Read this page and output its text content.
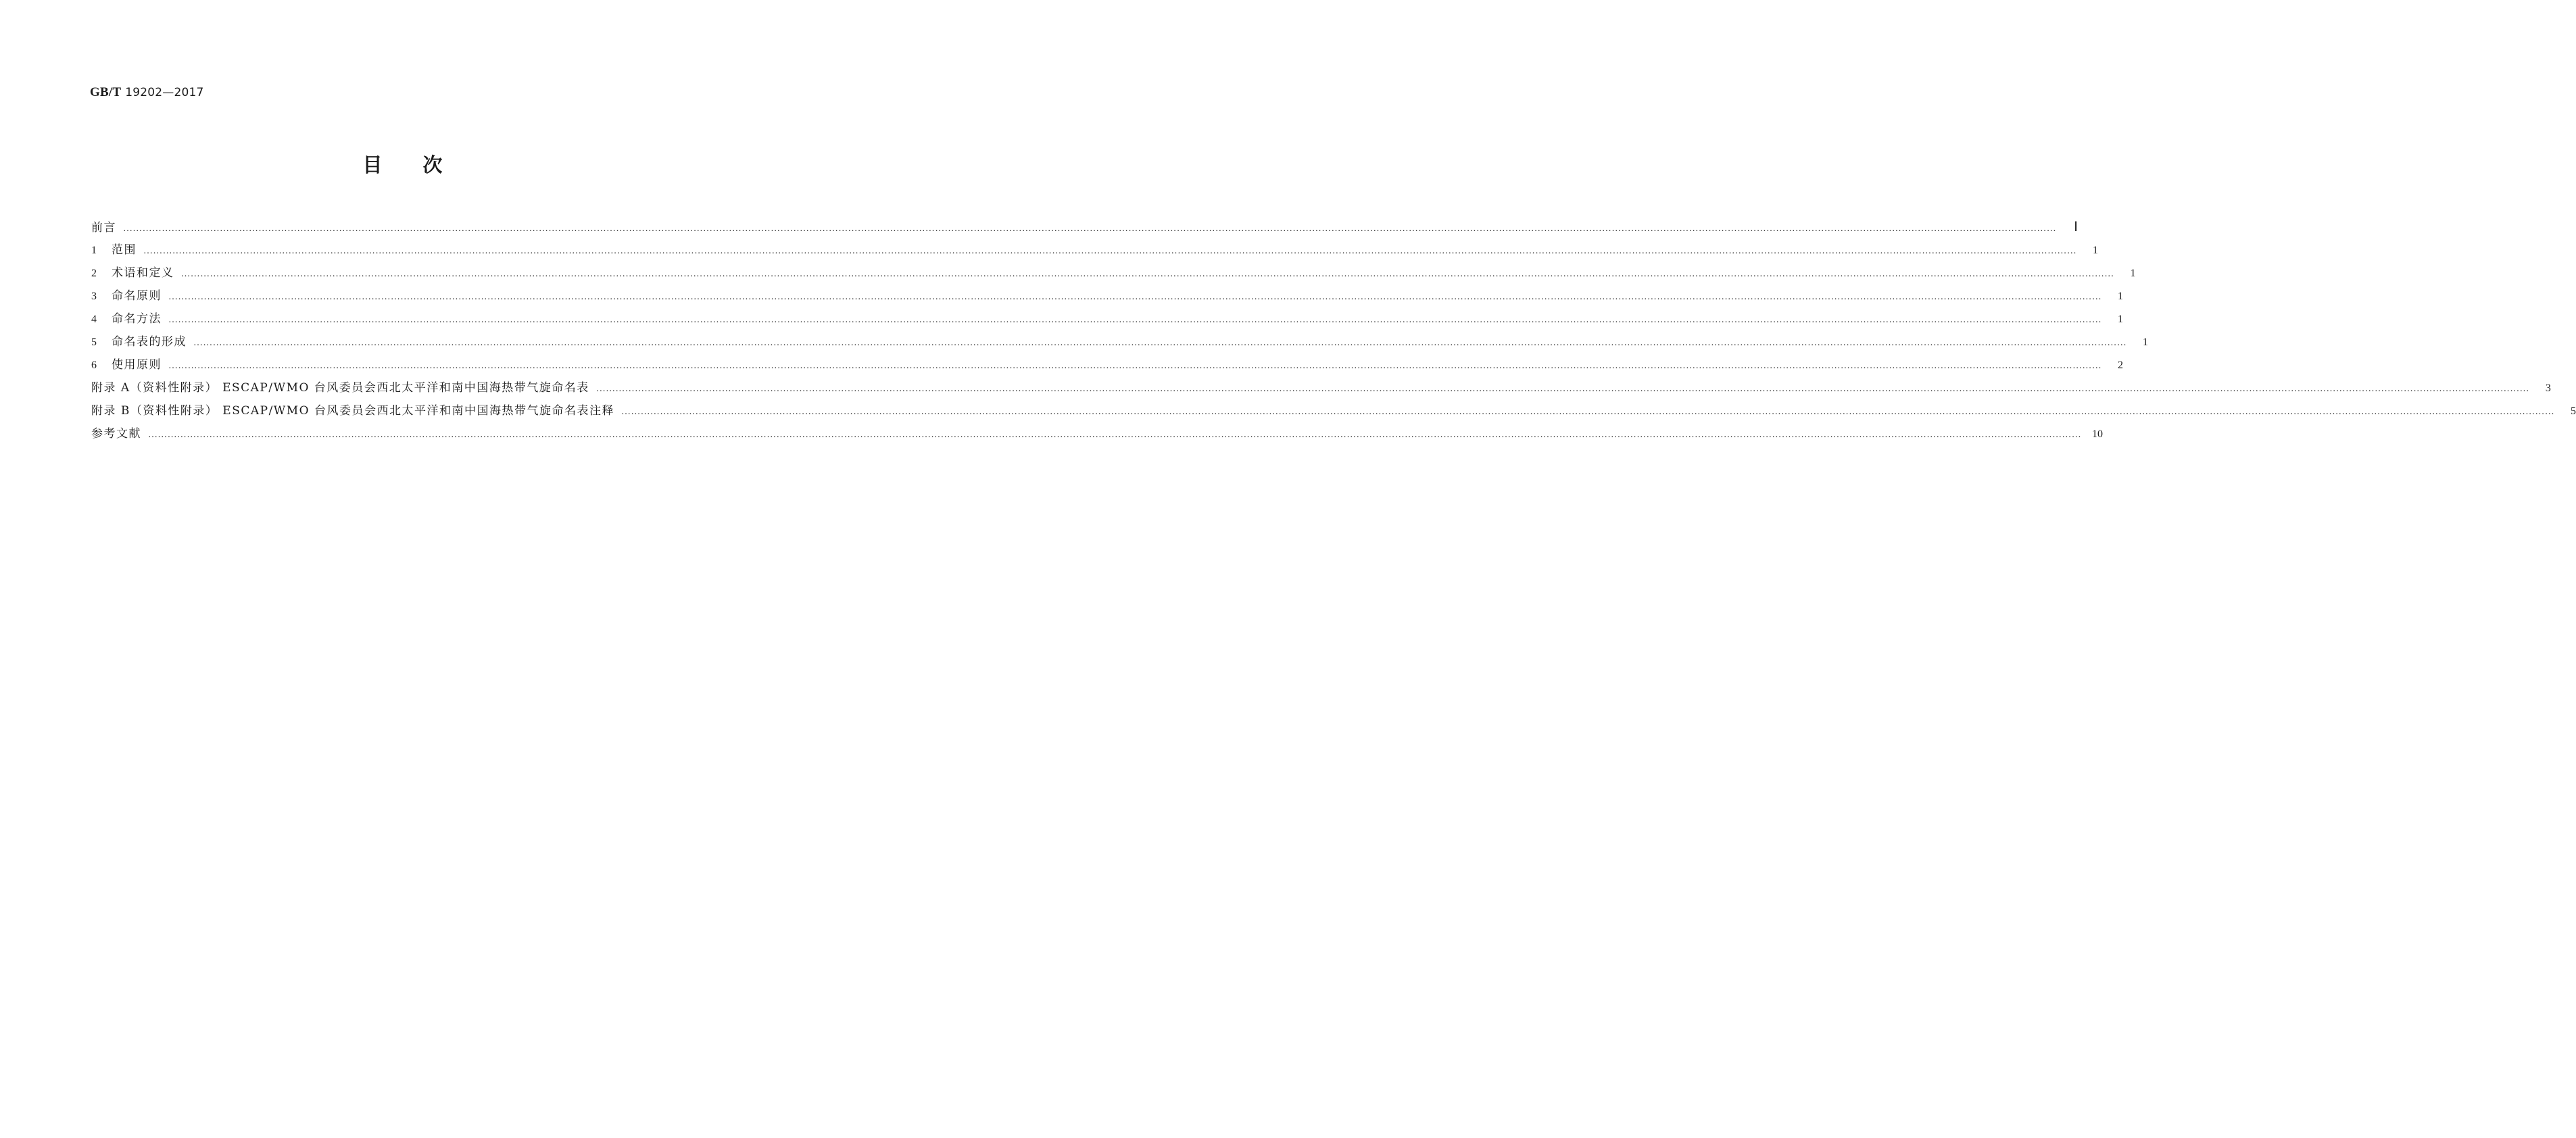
GB/T 19202—2017
目 次
前言 ……………………………………………………………………………………………………………………………………………………………………………………………………………………………………………………………………………………………………………………………………………………………………………………………………………………………………………………………………………………………………………………………………………………	Ⅰ
1	范围 ……………………………………………………………………………………………………………………………………………………………………………………………………………………………………………………………………………………………………………………………………………………………………………………………………………………………………………………………………………………………………………………………………………………	1
2	术语和定义 ……………………………………………………………………………………………………………………………………………………………………………………………………………………………………………………………………………………………………………………………………………………………………………………………………………………………………………………………………………………………………………………………………………………	1
3	命名原则 ……………………………………………………………………………………………………………………………………………………………………………………………………………………………………………………………………………………………………………………………………………………………………………………………………………………………………………………………………………………………………………………………………………………	1
4	命名方法 ……………………………………………………………………………………………………………………………………………………………………………………………………………………………………………………………………………………………………………………………………………………………………………………………………………………………………………………………………………………………………………………………………………………	1
5	命名表的形成 ……………………………………………………………………………………………………………………………………………………………………………………………………………………………………………………………………………………………………………………………………………………………………………………………………………………………………………………………………………………………………………………………………………………	1
6	使用原则 ……………………………………………………………………………………………………………………………………………………………………………………………………………………………………………………………………………………………………………………………………………………………………………………………………………………………………………………………………………………………………………………………………………………	2
附录 A（资料性附录） ESCAP/WMO 台风委员会西北太平洋和南中国海热带气旋命名表 ……………………………………………………………………………………………………………………………………………………………………………………………………………………………………………………………………………………………………………………………………………………………………………………………………………………………………………………………………………………………………………………………………………………	3
附录 B（资料性附录） ESCAP/WMO 台风委员会西北太平洋和南中国海热带气旋命名表注释 ……………………………………………………………………………………………………………………………………………………………………………………………………………………………………………………………………………………………………………………………………………………………………………………………………………………………………………………………………………………………………………………………………………………	5
参考文献 ……………………………………………………………………………………………………………………………………………………………………………………………………………………………………………………………………………………………………………………………………………………………………………………………………………………………………………………………………………………………………………………………………………………	10
